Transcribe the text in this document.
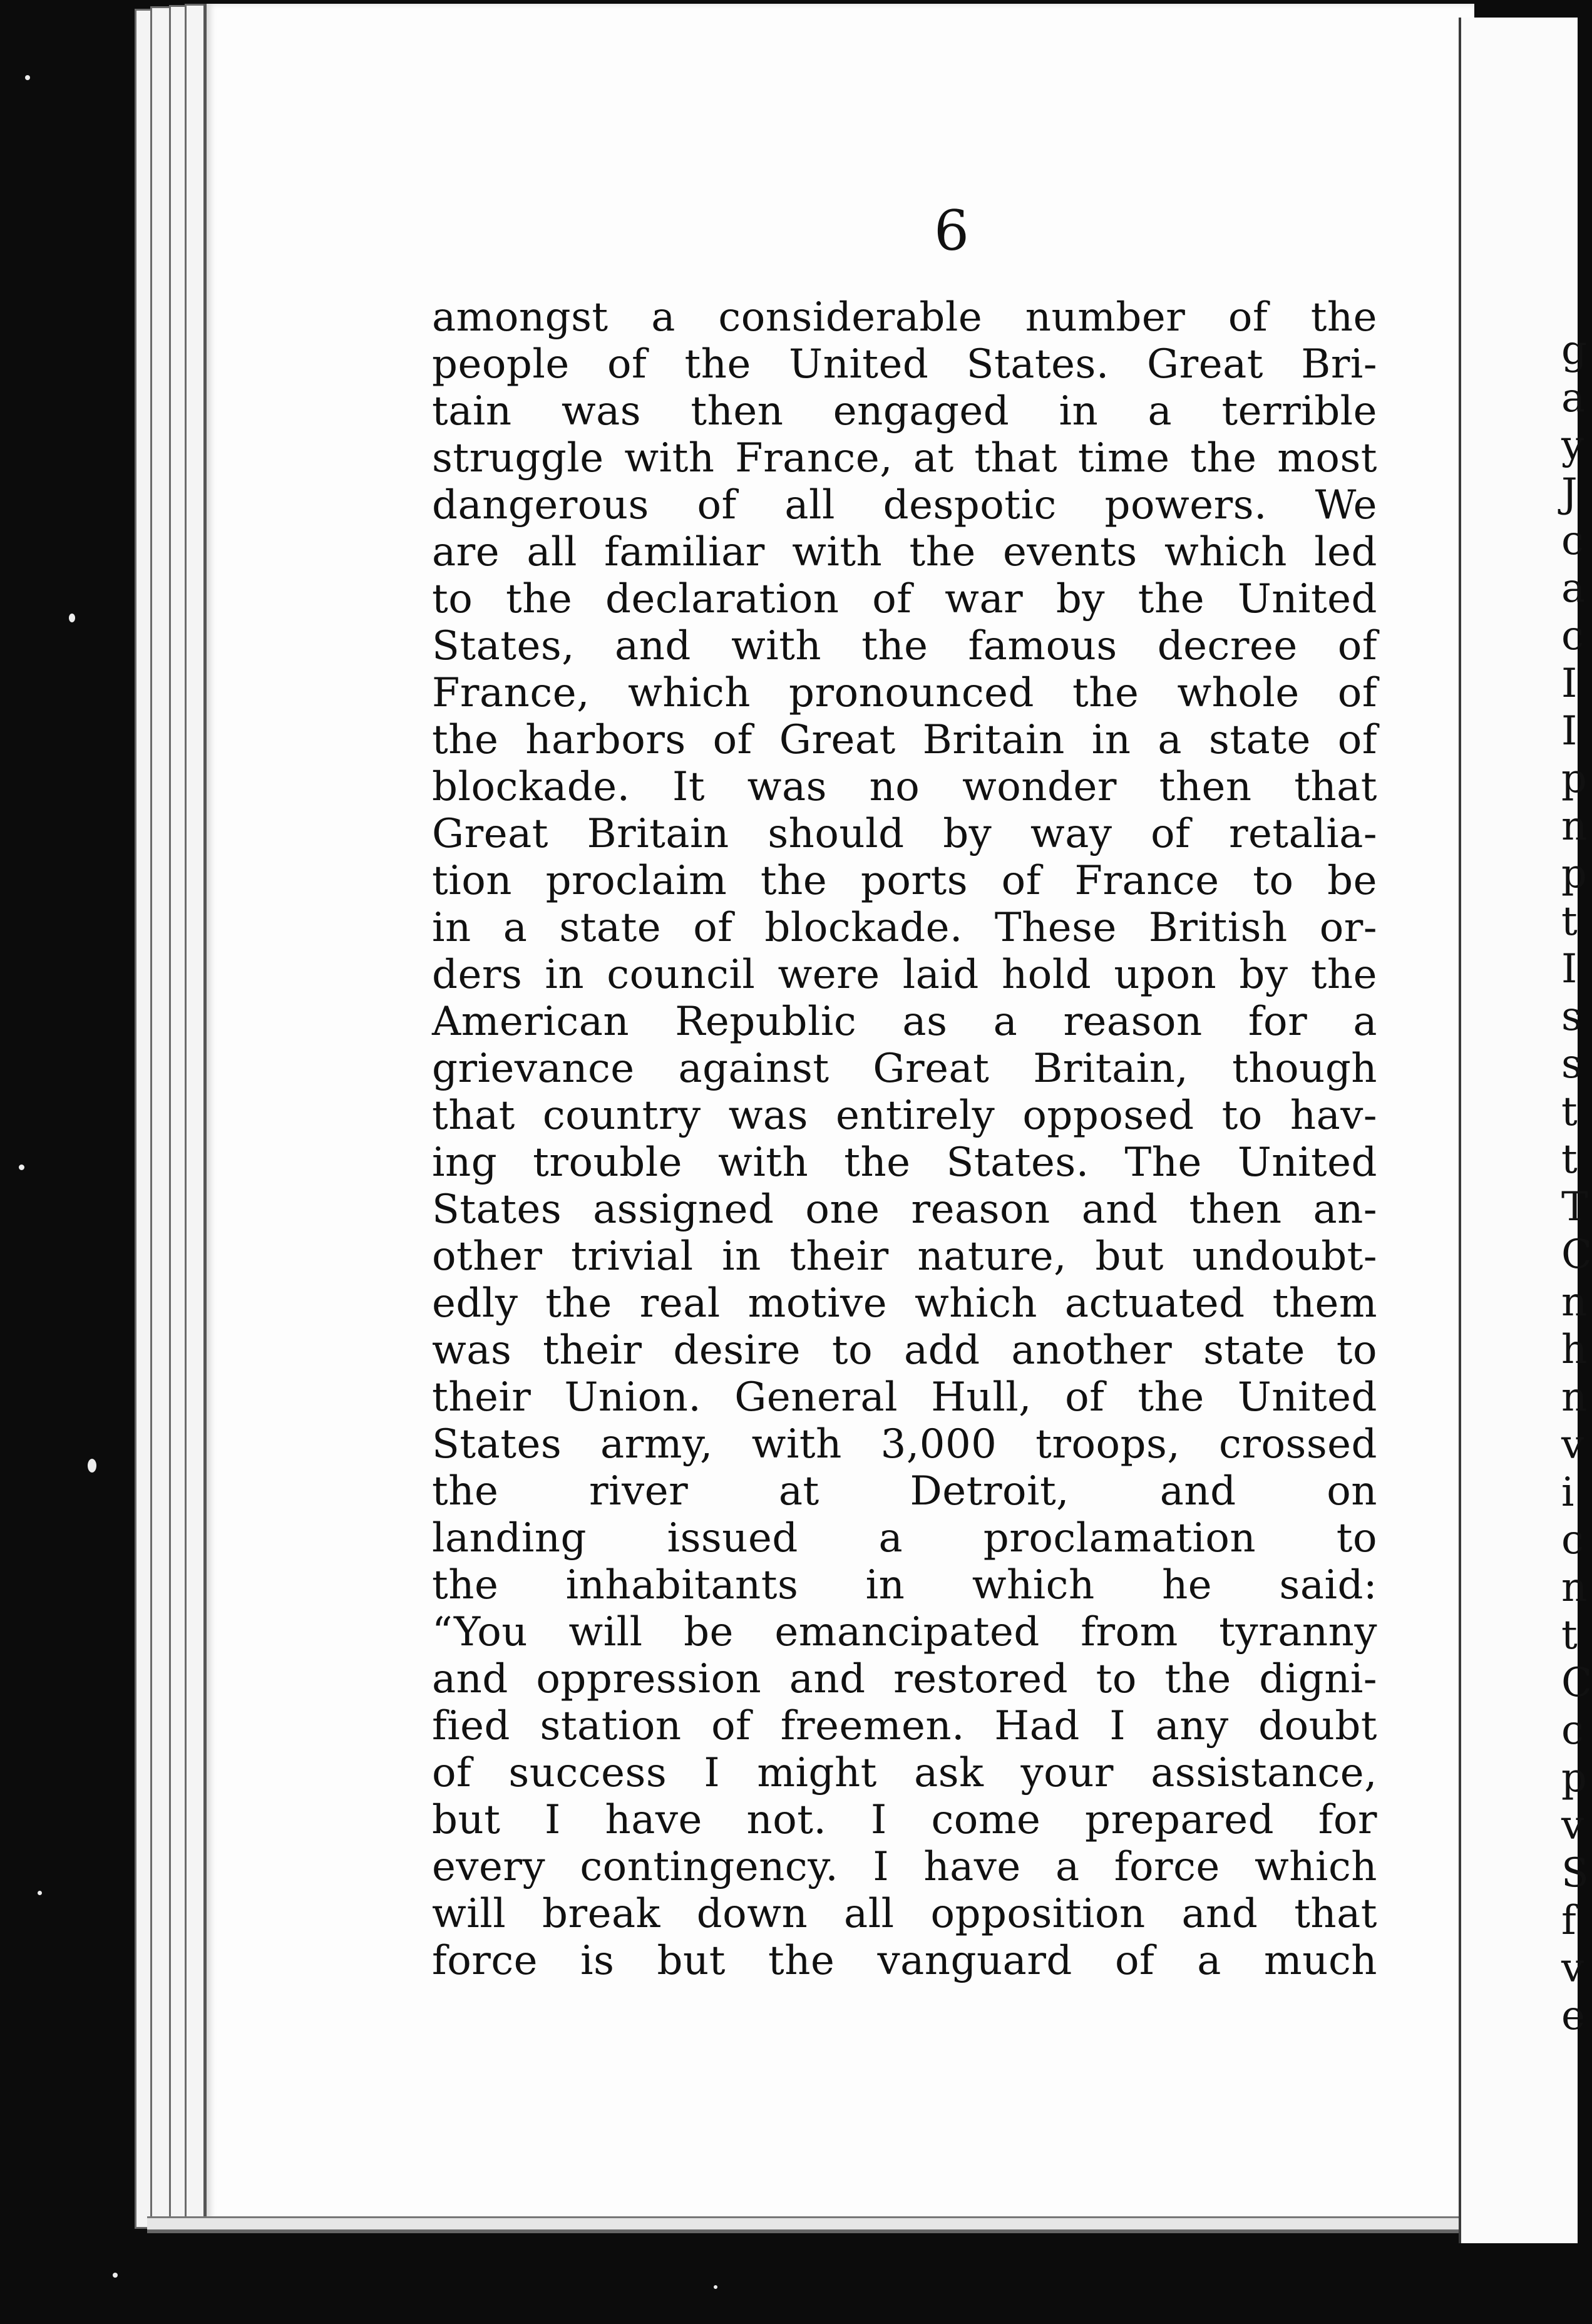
g
a
y
J
c
a
c
I
I
p
n
p
t
I
s
s
t
t
T
C
n
h
n
v
i
c
n
t
C
c
p
v
S
f
v
e
6
amongst a considerable number of the
people of the United States. Great Bri-
tain was then engaged in a terrible
struggle with France, at that time the most
dangerous of all despotic powers. We
are all familiar with the events which led
to the declaration of war by the United
States, and with the famous decree of
France, which pronounced the whole of
the harbors of Great Britain in a state of
blockade. It was no wonder then that
Great Britain should by way of retalia-
tion proclaim the ports of France to be
in a state of blockade. These British or-
ders in council were laid hold upon by the
American Republic as a reason for a
grievance against Great Britain, though
that country was entirely opposed to hav-
ing trouble with the States. The United
States assigned one reason and then an-
other trivial in their nature, but undoubt-
edly the real motive which actuated them
was their desire to add another state to
their Union. General Hull, of the United
States army, with 3,000 troops, crossed
the river at Detroit, and on
landing issued a proclamation to
the inhabitants in which he said:
“You will be emancipated from tyranny
and oppression and restored to the digni-
fied station of freemen. Had I any doubt
of success I might ask your assistance,
but I have not. I come prepared for
every contingency. I have a force which
will break down all opposition and that
force is but the vanguard of a much
